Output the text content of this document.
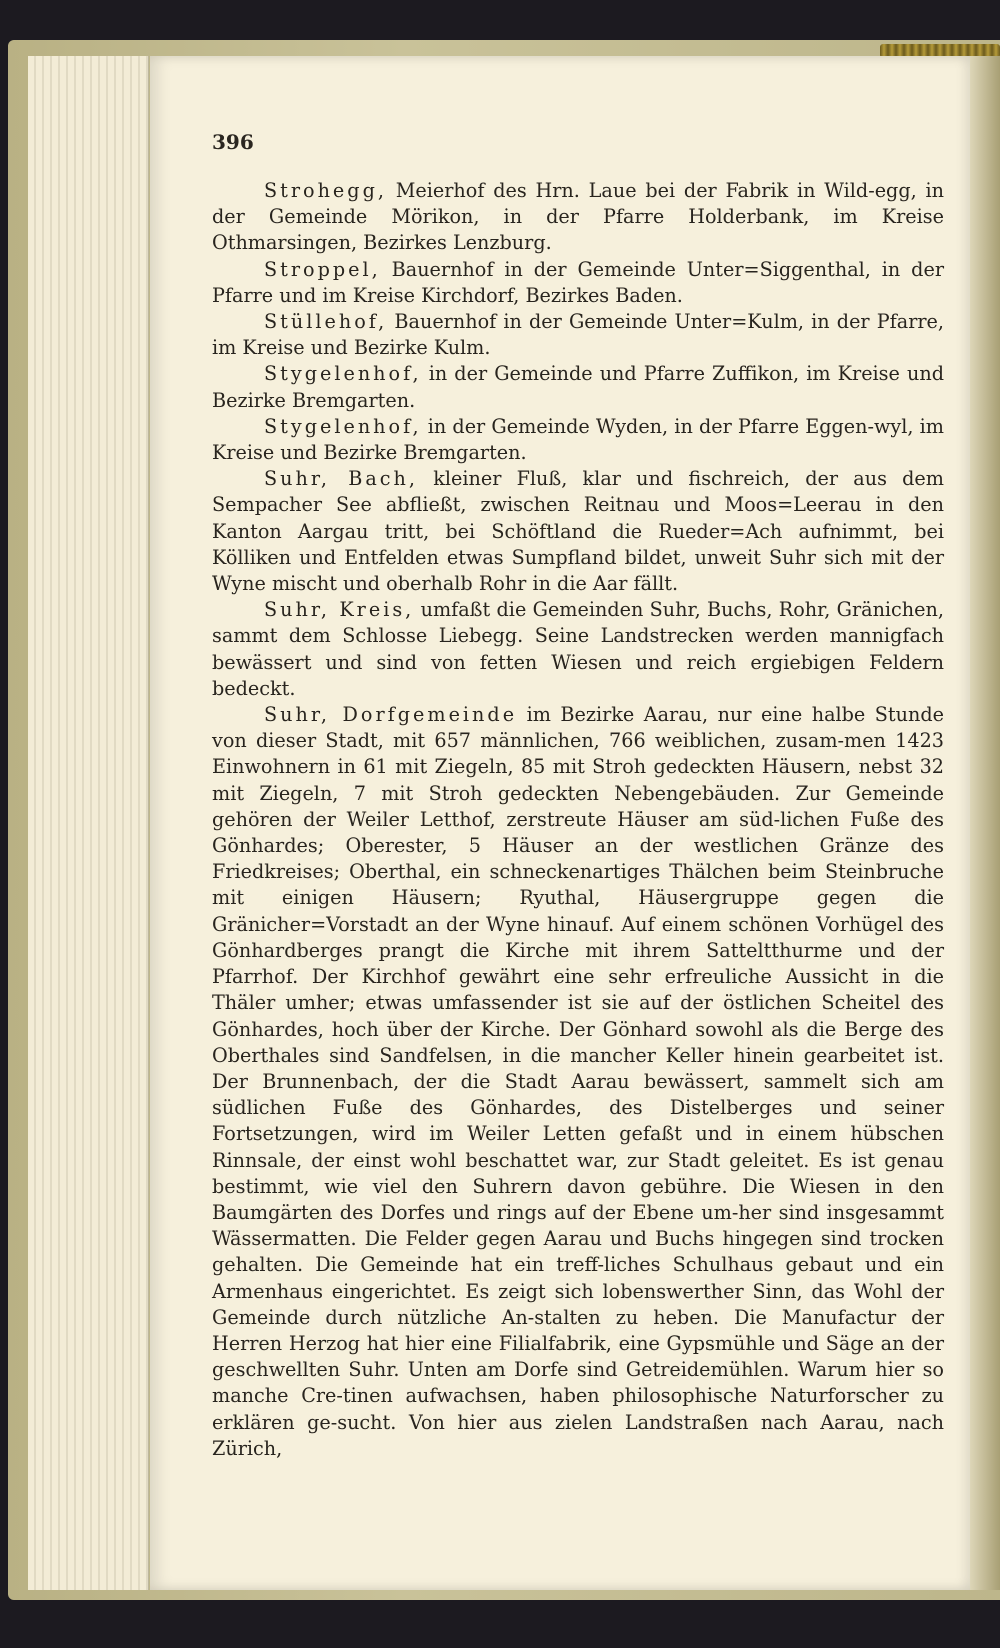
396

Strohegg, Meierhof des Hrn. Laue bei der Fabrik in Wild-egg, in der Gemeinde Mörikon, in der Pfarre Holderbank, im Kreise Othmarsingen, Bezirkes Lenzburg.

Stroppel, Bauernhof in der Gemeinde Unter=Siggenthal, in der Pfarre und im Kreise Kirchdorf, Bezirkes Baden.

Stüllehof, Bauernhof in der Gemeinde Unter=Kulm, in der Pfarre, im Kreise und Bezirke Kulm.

Stygelenhof, in der Gemeinde und Pfarre Zuffikon, im Kreise und Bezirke Bremgarten.

Stygelenhof, in der Gemeinde Wyden, in der Pfarre Eggen-wyl, im Kreise und Bezirke Bremgarten.

Suhr, Bach, kleiner Fluß, klar und fischreich, der aus dem Sempacher See abfließt, zwischen Reitnau und Moos=Leerau in den Kanton Aargau tritt, bei Schöftland die Rueder=Ach aufnimmt, bei Kölliken und Entfelden etwas Sumpfland bildet, unweit Suhr sich mit der Wyne mischt und oberhalb Rohr in die Aar fällt.

Suhr, Kreis, umfaßt die Gemeinden Suhr, Buchs, Rohr, Gränichen, sammt dem Schlosse Liebegg. Seine Landstrecken werden mannigfach bewässert und sind von fetten Wiesen und reich ergiebigen Feldern bedeckt.

Suhr, Dorfgemeinde im Bezirke Aarau, nur eine halbe Stunde von dieser Stadt, mit 657 männlichen, 766 weiblichen, zusam-men 1423 Einwohnern in 61 mit Ziegeln, 85 mit Stroh gedeckten Häusern, nebst 32 mit Ziegeln, 7 mit Stroh gedeckten Nebengebäuden. Zur Gemeinde gehören der Weiler Letthof, zerstreute Häuser am süd-lichen Fuße des Gönhardes; Oberester, 5 Häuser an der westlichen Gränze des Friedkreises; Oberthal, ein schneckenartiges Thälchen beim Steinbruche mit einigen Häusern; Ryuthal, Häusergruppe gegen die Gränicher=Vorstadt an der Wyne hinauf. Auf einem schönen Vorhügel des Gönhardberges prangt die Kirche mit ihrem Satteltthurme und der Pfarrhof. Der Kirchhof gewährt eine sehr erfreuliche Aussicht in die Thäler umher; etwas umfassender ist sie auf der östlichen Scheitel des Gönhardes, hoch über der Kirche. Der Gönhard sowohl als die Berge des Oberthales sind Sandfelsen, in die mancher Keller hinein gearbeitet ist. Der Brunnenbach, der die Stadt Aarau bewässert, sammelt sich am südlichen Fuße des Gönhardes, des Distelberges und seiner Fortsetzungen, wird im Weiler Letten gefaßt und in einem hübschen Rinnsale, der einst wohl beschattet war, zur Stadt geleitet. Es ist genau bestimmt, wie viel den Suhrern davon gebühre. Die Wiesen in den Baumgärten des Dorfes und rings auf der Ebene um-her sind insgesammt Wässermatten. Die Felder gegen Aarau und Buchs hingegen sind trocken gehalten. Die Gemeinde hat ein treff-liches Schulhaus gebaut und ein Armenhaus eingerichtet. Es zeigt sich lobenswerther Sinn, das Wohl der Gemeinde durch nützliche An-stalten zu heben. Die Manufactur der Herren Herzog hat hier eine Filialfabrik, eine Gypsmühle und Säge an der geschwellten Suhr. Unten am Dorfe sind Getreidemühlen. Warum hier so manche Cre-tinen aufwachsen, haben philosophische Naturforscher zu erklären ge-sucht. Von hier aus zielen Landstraßen nach Aarau, nach Zürich,
